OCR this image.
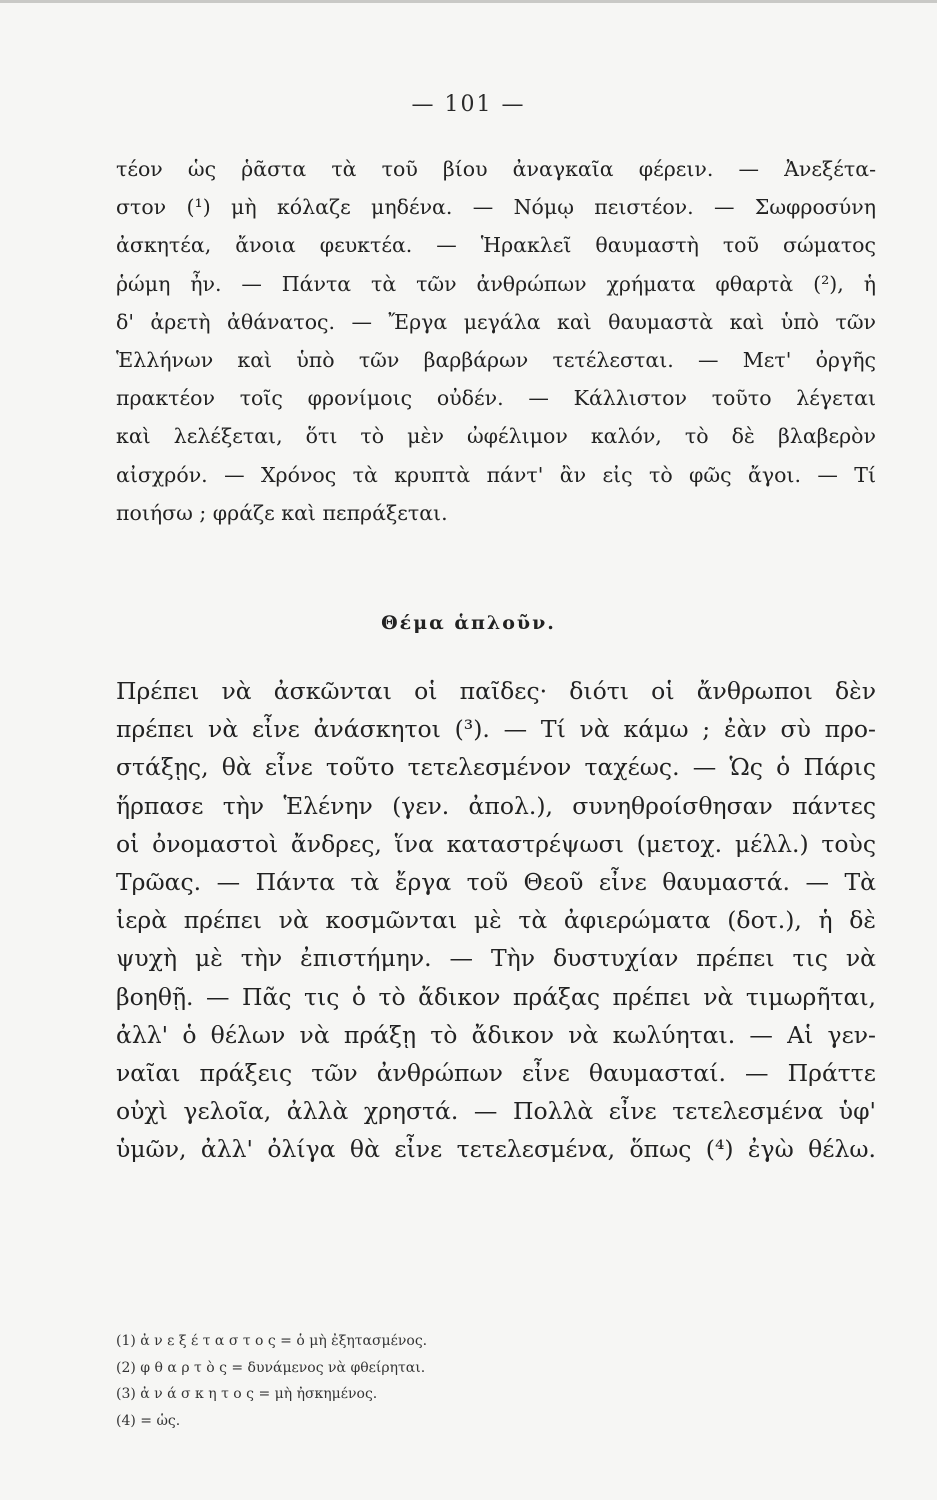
— 101 —
τέον ὡς ῥᾶστα τὰ τοῦ βίου ἀναγκαῖα φέρειν. — Ἀνεξέτα-
στον (¹) μὴ κόλαζε μηδένα. — Νόμῳ πειστέον. — Σωφροσύνη
ἀσκητέα, ἄνοια φευκτέα. — Ἡρακλεῖ θαυμαστὴ τοῦ σώματος
ῥώμη ἦν. — Πάντα τὰ τῶν ἀνθρώπων χρήματα φθαρτὰ (²), ἡ
δ' ἀρετὴ ἀθάνατος. — Ἔργα μεγάλα καὶ θαυμαστὰ καὶ ὑπὸ τῶν
Ἑλλήνων καὶ ὑπὸ τῶν βαρβάρων τετέλεσται. — Μετ' ὀργῆς
πρακτέον τοῖς φρονίμοις οὐδέν. — Κάλλιστον τοῦτο λέγεται
καὶ λελέξεται, ὅτι τὸ μὲν ὠφέλιμον καλόν, τὸ δὲ βλαβερὸν
αἰσχρόν. — Χρόνος τὰ κρυπτὰ πάντ' ἂν εἰς τὸ φῶς ἄγοι. — Τί
ποιήσω ; φράζε καὶ πεπράξεται.
Θέμα ἁπλοῦν.
Πρέπει νὰ ἀσκῶνται οἱ παῖδες· διότι οἱ ἄνθρωποι δὲν
πρέπει νὰ εἶνε ἀνάσκητοι (³). — Τί νὰ κάμω ; ἐὰν σὺ προ-
στάξῃς, θὰ εἶνε τοῦτο τετελεσμένον ταχέως. — Ὡς ὁ Πάρις
ἥρπασε τὴν Ἑλένην (γεν. ἀπολ.), συνηθροίσθησαν πάντες
οἱ ὀνομαστοὶ ἄνδρες, ἵνα καταστρέψωσι (μετοχ. μέλλ.) τοὺς
Τρῶας. — Πάντα τὰ ἔργα τοῦ Θεοῦ εἶνε θαυμαστά. — Τὰ
ἱερὰ πρέπει νὰ κοσμῶνται μὲ τὰ ἀφιερώματα (δοτ.), ἡ δὲ
ψυχὴ μὲ τὴν ἐπιστήμην. — Τὴν δυστυχίαν πρέπει τις νὰ
βοηθῇ. — Πᾶς τις ὁ τὸ ἄδικον πράξας πρέπει νὰ τιμωρῆται,
ἀλλ' ὁ θέλων νὰ πράξῃ τὸ ἄδικον νὰ κωλύηται. — Αἱ γεν-
ναῖαι πράξεις τῶν ἀνθρώπων εἶνε θαυμασταί. — Πράττε
οὐχὶ γελοῖα, ἀλλὰ χρηστά. — Πολλὰ εἶνε τετελεσμένα ὑφ'
ὑμῶν, ἀλλ' ὀλίγα θὰ εἶνε τετελεσμένα, ὅπως (⁴) ἐγὼ θέλω.
(1) ἀ ν ε ξ έ τ α σ τ ο ς = ὁ μὴ ἐξητασμένος.
(2) φ θ α ρ τ ὸ ς = δυνάμενος νὰ φθείρηται.
(3) ἀ ν ά σ κ η τ ο ς = μὴ ἠσκημένος.
(4) = ὡς.
